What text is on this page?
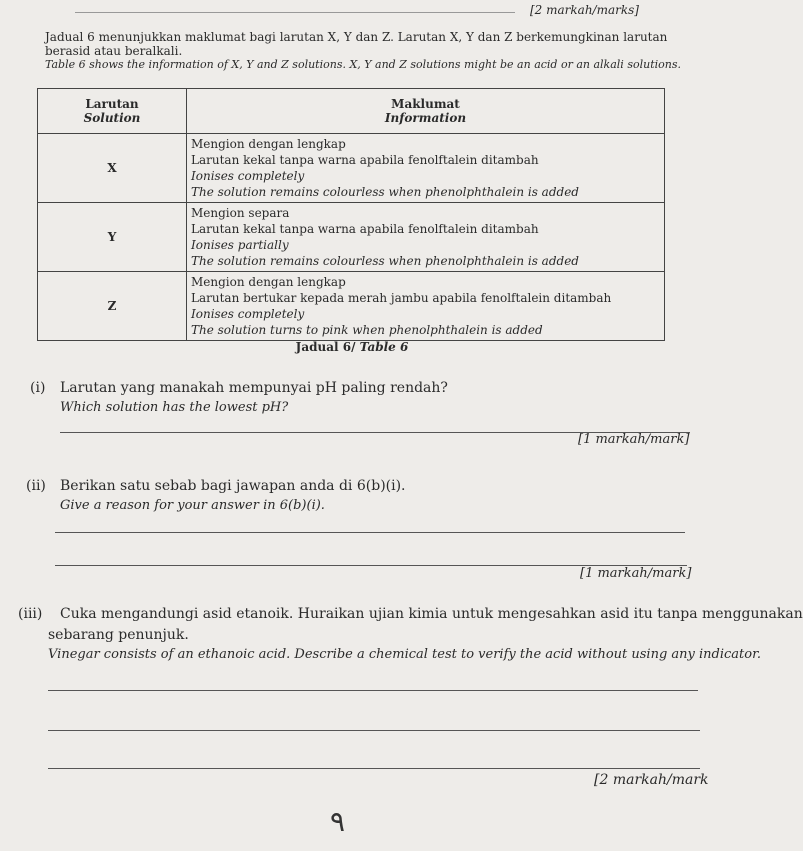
[2 markah/marks]
Jadual 6 menunjukkan maklumat bagi larutan X, Y dan Z. Larutan X, Y dan Z berkemungkinan larutan
berasid atau beralkali.
Table 6 shows the information of X, Y and Z solutions. X, Y and Z solutions might be an acid or an alkali solutions.
Larutan
Solution	Maklumat
Information

X	Mengion dengan lengkap
Larutan kekal tanpa warna apabila fenolftalein ditambah
Ionises completely
The solution remains colourless when phenolphthalein is added

Y	Mengion separa
Larutan kekal tanpa warna apabila fenolftalein ditambah
Ionises partially
The solution remains colourless when phenolphthalein is added

Z	Mengion dengan lengkap
Larutan bertukar kepada merah jambu apabila fenolftalein ditambah
Ionises completely
The solution turns to pink when phenolphthalein is added
Jadual 6/ Table 6
(i) Larutan yang manakah mempunyai pH paling rendah?
Which solution has the lowest pH?
[1 markah/mark]
(ii) Berikan satu sebab bagi jawapan anda di 6(b)(i).
Give a reason for your answer in 6(b)(i).
[1 markah/mark]
(iii) Cuka mengandungi asid etanoik. Huraikan ujian kimia untuk mengesahkan asid itu tanpa menggunakan
sebarang penunjuk.
Vinegar consists of an ethanoic acid. Describe a chemical test to verify the acid without using any indicator.
[2 markah/mark
٩
